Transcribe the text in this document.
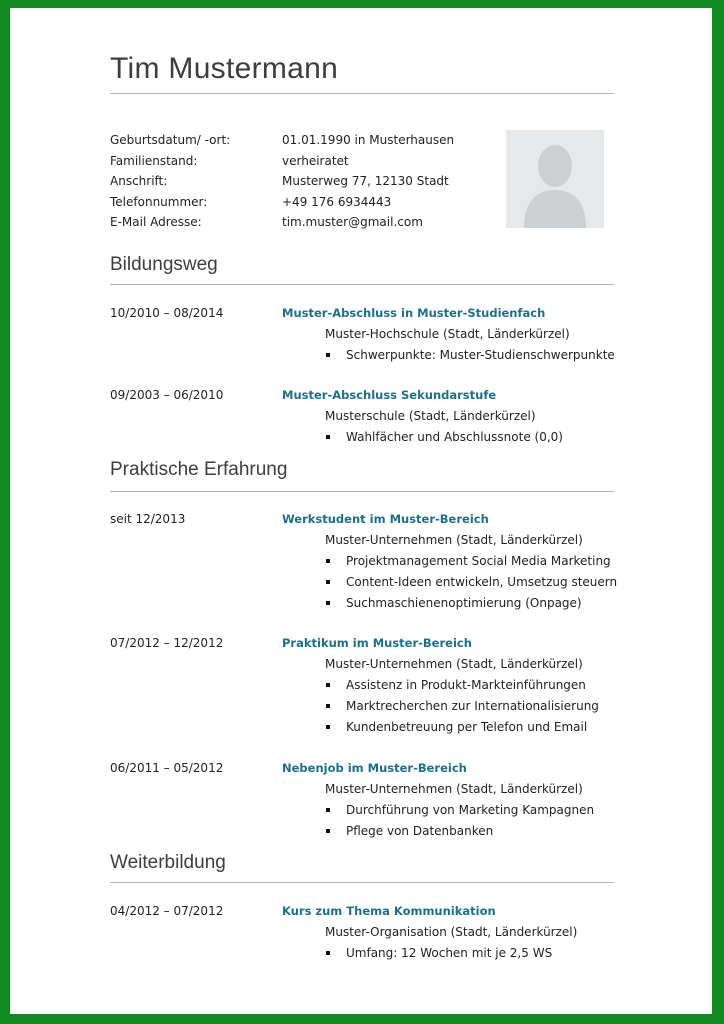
Tim Mustermann
Geburtsdatum/ -ort:	01.01.1990 in Musterhausen
Familienstand:	verheiratet
Anschrift:	Musterweg 77, 12130 Stadt
Telefonnummer:	+49 176 6934443
E-Mail Adresse:	tim.muster@gmail.com
Bildungsweg
10/2010 – 08/2014	Muster-Abschluss in Muster-Studienfach
Muster-Hochschule (Stadt, Länderkürzel)
Schwerpunkte: Muster-Studienschwerpunkte
09/2003 – 06/2010	Muster-Abschluss Sekundarstufe
Musterschule (Stadt, Länderkürzel)
Wahlfächer und Abschlussnote (0,0)
Praktische Erfahrung
seit 12/2013	Werkstudent im Muster-Bereich
Muster-Unternehmen (Stadt, Länderkürzel)
Projektmanagement Social Media Marketing
Content-Ideen entwickeln, Umsetzug steuern
Suchmaschienenoptimierung (Onpage)
07/2012 – 12/2012	Praktikum im Muster-Bereich
Muster-Unternehmen (Stadt, Länderkürzel)
Assistenz in Produkt-Markteinführungen
Marktrecherchen zur Internationalisierung
Kundenbetreuung per Telefon und Email
06/2011 – 05/2012	Nebenjob im Muster-Bereich
Muster-Unternehmen (Stadt, Länderkürzel)
Durchführung von Marketing Kampagnen
Pflege von Datenbanken
Weiterbildung
04/2012 – 07/2012	Kurs zum Thema Kommunikation
Muster-Organisation (Stadt, Länderkürzel)
Umfang: 12 Wochen mit je 2,5 WS
